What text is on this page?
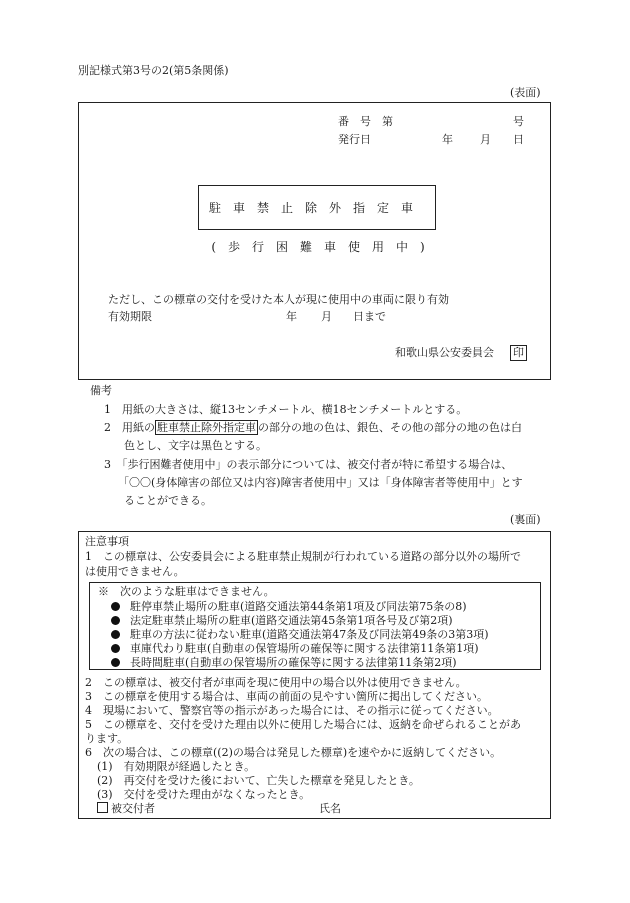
別記様式第3号の2(第5条関係)
(表面)
番　号　第	号
発行日	年 月 日
駐車禁止除外指定車
(歩行困難車使用中)
ただし、この標章の交付を受けた本人が現に使用中の車両に限り有効
有効期限	年 月 日まで
和歌山県公安委員会 印
備考
1　用紙の大きさは、縦13センチメートル、横18センチメートルとする。
2　用紙の 駐車禁止除外指定車 の部分の地の色は、銀色、その他の部分の地の色は白
色とし、文字は黒色とする。
3　「歩行困難者使用中」の表示部分については、被交付者が特に希望する場合は、
「〇〇(身体障害の部位又は内容)障害者使用中」又は「身体障害者等使用中」とす
ることができる。
(裏面)
注意事項
1　この標章は、公安委員会による駐車禁止規制が行われている道路の部分以外の場所で
は使用できません。
※　次のような駐車はできません。
駐停車禁止場所の駐車(道路交通法第44条第1項及び同法第75条の8)
法定駐車禁止場所の駐車(道路交通法第45条第1項各号及び第2項)
駐車の方法に従わない駐車(道路交通法第47条及び同法第49条の3第3項)
車庫代わり駐車(自動車の保管場所の確保等に関する法律第11条第1項)
長時間駐車(自動車の保管場所の確保等に関する法律第11条第2項)
2　この標章は、被交付者が車両を現に使用中の場合以外は使用できません。
3　この標章を使用する場合は、車両の前面の見やすい箇所に掲出してください。
4　現場において、警察官等の指示があった場合には、その指示に従ってください。
5　この標章を、交付を受けた理由以外に使用した場合には、返納を命ぜられることがあ
ります。
6　次の場合は、この標章((2)の場合は発見した標章)を速やかに返納してください。
(1)　有効期限が経過したとき。
(2)　再交付を受けた後において、亡失した標章を発見したとき。
(3)　交付を受けた理由がなくなったとき。
被交付者	氏名
